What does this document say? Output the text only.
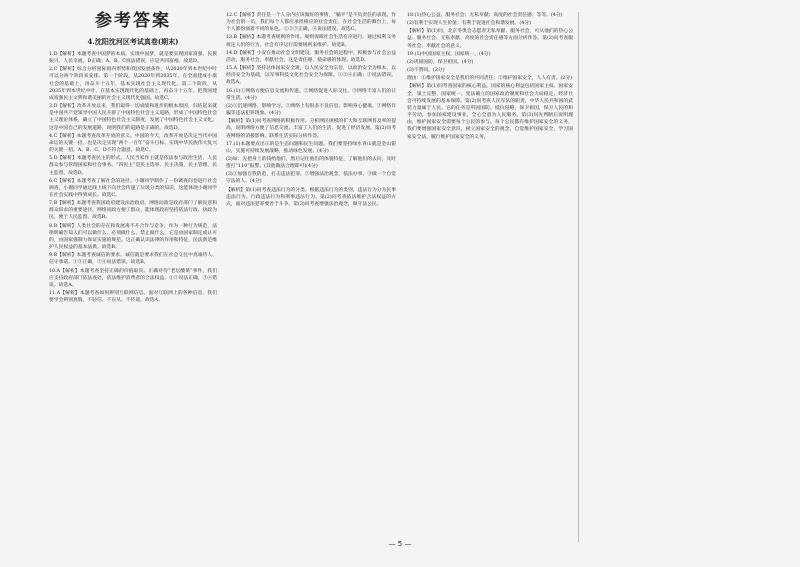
参考答案
4.沈阳沈河区考试真卷(期末)
1.D【解析】本题考查中国梦的本质。实现中国梦，就是要实现国家富强、民族振兴、人民幸福，D正确；A、B、C说法错误，应是共同富裕。故选D。
2.C【解析】综合分析国际国内形势和我国发展条件，从2020年到本世纪中叶可以分两个阶段来安排。第一个阶段，从2020年到2035年，在全面建成小康社会的基础上，再奋斗十五年，基本实现社会主义现代化。第二个阶段，从2035年到本世纪中叶，在基本实现现代化的基础上，再奋斗十五年，把我国建成富强民主文明和谐美丽的社会主义现代化强国。故选C。
3.D【解析】改革开放以来，我们取得一切成绩和进步的根本原因，归结起来就是中国共产党领导中国人民开辟了中国特色社会主义道路，形成了中国特色社会主义理论体系，确立了中国特色社会主义制度，发展了中国特色社会主义文化。这是中国自己的发展道路，说明我们的道路是正确的。故选D。
4.C【解析】本题考查改革开放的意义。中国的今天，改革开放是决定当代中国命运的关键一招，也是决定实现“两个一百年”奋斗目标、实现中华民族伟大复兴的关键一招。A、B、C、D不符合题意。故选C。
5.D【解析】本题考查民主的形式。人民当家作主就是依法参与政治生活，人民群众参与管理国家和社会事务。“四民主”是民主选举、民主决策、民主管理、民主监督。故选D。
6.C【解析】本题考查了解社会的途径。小谢同学制作了一份调查问卷进行社会调查，小谢同学通过线上线下向社会传递了垃圾分类的知识，这能体现小谢同学在社会实践中得到成长。故选C。
7.B【解析】本题考查我国政府建设法治政府。网络问政是政府部门了解民意和群众诉求的重要途径，网络问政方便了群众，能体现政府坚持依法行政、执政为民，便于人民监督。故选B。
8.B【解析】人类社会的存在和发展离不开合作与竞争。作为一种行为规范，法律明确告知人们可以做什么、必须做什么、禁止做什么，它是由国家制定或认可的，由国家强制力保证实施的规范。这正确认识法律的作用和特征，民法典是维护人民权益的基本法典。故选B。
9.B【解析】本题考查诚信的要求。诚信就是要求我们在社会交往中真诚待人、信守承诺。①③正确，②④说法错误。故选B。
10.A【解析】本题考查坚持正确的价值取向。正确对待“老坛酸菜”事件，我们应支持政府部门依法查处，依法维护消费者的合法权益。①②说法正确，③④错误。故选A。
11.A【解析】本题考查如何辨别互联网信息。面对互联网上的各种信息，我们要学会辨别真假，不轻信、不盲从、不传谣。故选A。
12.C【解析】责任是一个人分内应该做好的事情，“躺平”是不负责任的表现。作为社会的一员，我们每个人都应承担相应的社会责任，在社会生活的舞台上，每个人都扮演着不同的角色。①②③正确，④说法错误。故选C。
13.B【解析】本题考查规则的作用。规则保障社会生活有序进行，通过权利义务规定人们的行为。社会有序运行需要规则来维护。故选B。
14.D【解析】小安在推动社会文明建设、服务社会的过程中，积极参与社会公益活动，服务社会，奉献社会，这是责任感、使命感的体现。故选D。
15.A【解析】坚持总体国家安全观，以人民安全为宗旨，以政治安全为根本，以经济安全为基础，以军事科技文化社会安全为保障。①②④正确；③说法错误。故选A。
16.(1)①网络方便信息交流和传递。②网络促进人际交往。③网络丰富人们的日常生活。(4分)
(2)①沉迷网络，影响学习。②网络上有很多不良信息，影响身心健康。③网络诈骗等违法犯罪现象。(4分)
【解析】第(1)问考查网络的积极作用。分析网民规模的扩大和互联网普及率的提高，说明网络方便了信息交流、丰富了人们的生活、促进了经济发展。第(2)问考查网络的消极影响，联系生活实际分析作答。
17.(1)本题要点出示的是生态问题和民生问题。我们要坚持绿水青山就是金山银山，实施可持续发展战略，推动绿色发展。(4分)
(2)如：先把身上的钱给他们，然后记住他们的体貌特征，了解他们的去向，及时拨打“110”报警。(其他做法合理即可)(4分)
(3)①加强自我防范，打击违法犯罪。②增强法治观念，依法办事。③做一个自觉守法的人。(4分)
【解析】第(1)问考查违法行为的分类。根据违法行为的类别，违法行为分为民事违法行为、行政违法行为和刑事违法行为。第(2)问考查依法维护合法权益的方式，面对违法犯罪要善于斗争。第(3)问考查增强法治观念，做守法公民。
18.(1)热心公益、服务社会；无私奉献；高度的社会责任感；等等。(4分)
(2)有利于实现人生价值；有利于促进社会和谐发展。(4分)
【解析】第(1)问，北京冬奥会志愿者无私奉献、服务社会，可从他们的热心公益、服务社会、无私奉献、高度的社会责任感等方面分析作答。第(2)问考查服务社会、奉献社会的意义。
19.(1)中国国家主权，国家统一。(4分)
(2)巩固国防，保卫祖国。(4分)
(3)不赞同。(2分)
理由：①维护国家安全是我们的共同责任；②维护国家安全，人人有责。(2分)
【解析】第(1)问考查国家的核心利益。国家的核心利益包括国家主权、国家安全、领土完整、国家统一、宪法确立的国家政治制度和社会大局稳定、经济社会可持续发展的基本保障。第(2)问考查人民军队的职责，中华人民共和国的武装力量属于人民。它的任务是巩固国防，抵抗侵略，保卫祖国，保卫人民的和平劳动，参加国家建设事业，全心全意为人民服务。第(3)问先判断后说明理由，维护国家安全需要每个公民的参与。每个公民都有维护国家安全的义务，我们要增强国家安全意识，树立国家安全的观念，自觉维护国家安全，学习国家安全法，履行维护国家安全的义务。
— 5 —
